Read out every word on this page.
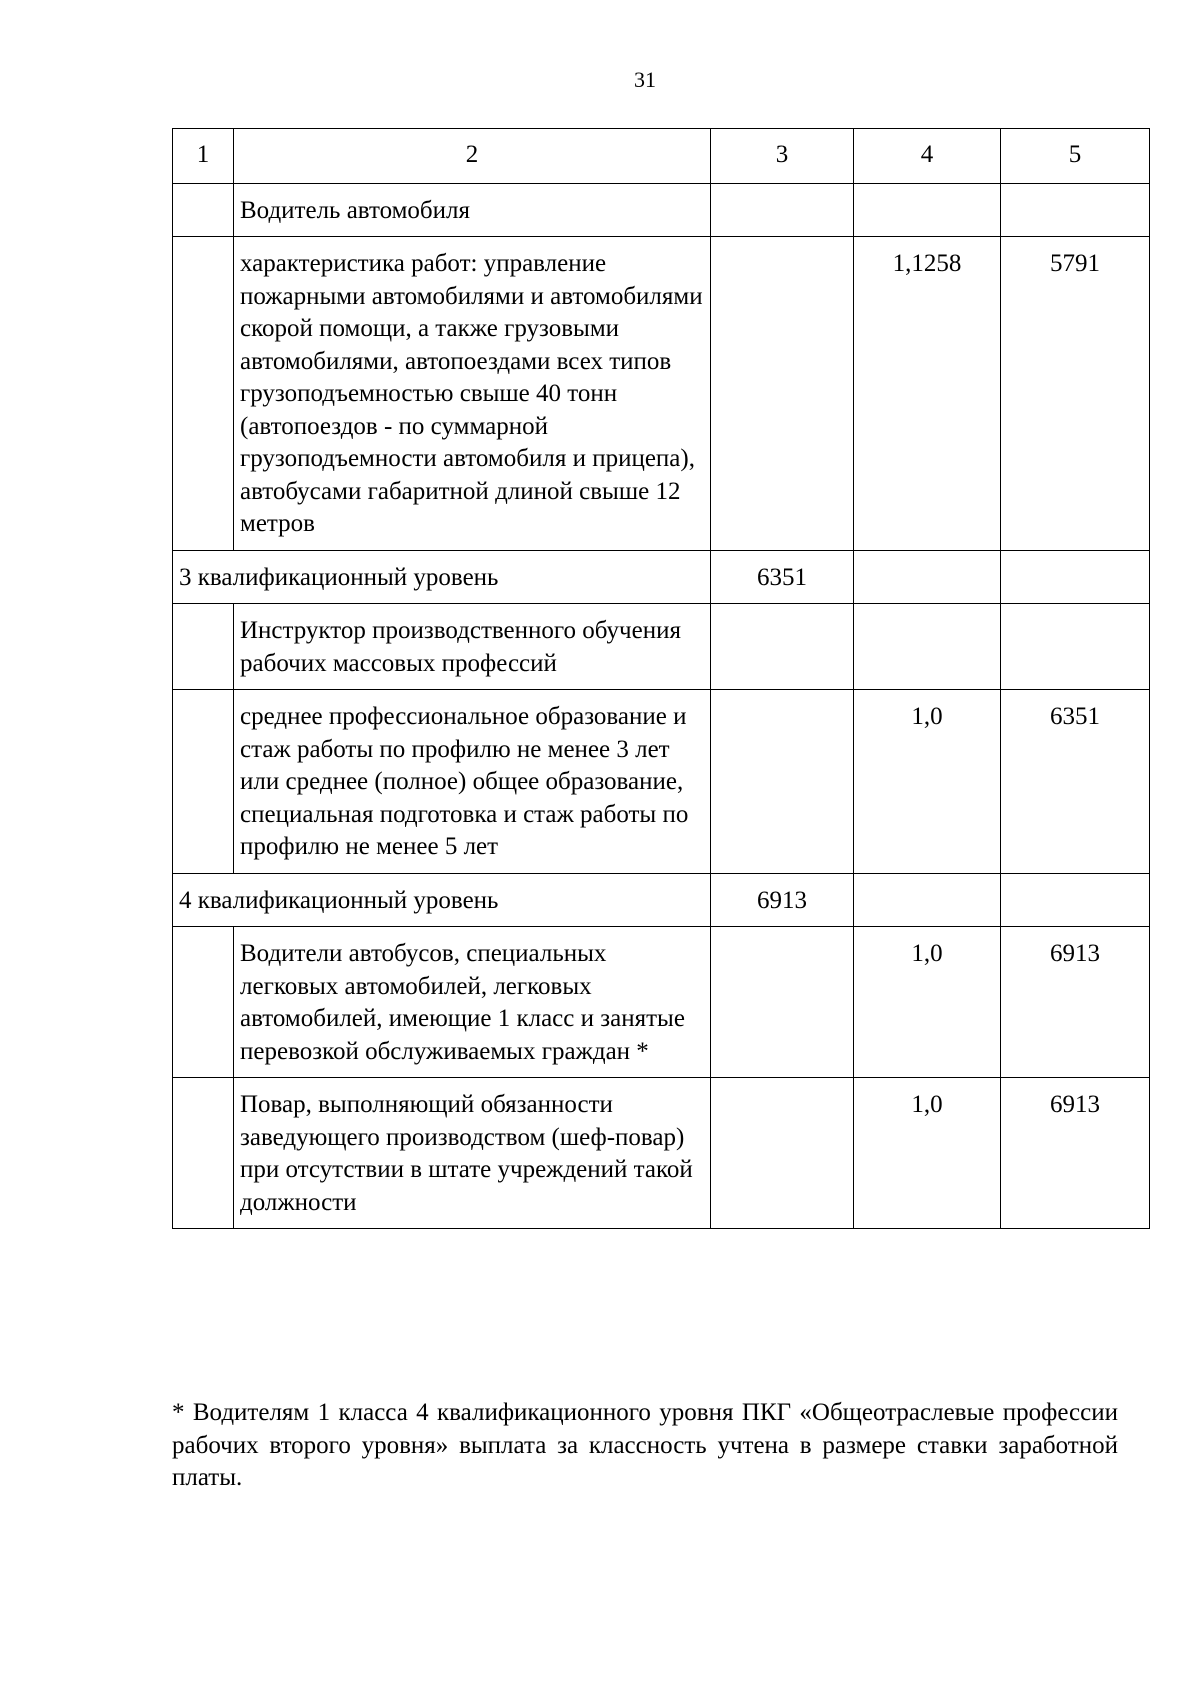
31
1	2	3	4	5
	Водитель автомобиля			
	характеристика работ: управление пожарными автомобилями и автомобилями скорой помощи, а также грузовыми автомобилями, автопоездами всех типов грузоподъемностью свыше 40 тонн (автопоездов - по суммарной грузоподъемности автомобиля и прицепа), автобусами габаритной длиной свыше 12 метров		1,1258	5791
3 квалификационный уровень		6351		
	Инструктор производственного обучения рабочих массовых профессий			
	среднее профессиональное образование и стаж работы по профилю не менее 3 лет или среднее (полное) общее образование, специальная подготовка и стаж работы по профилю не менее 5 лет		1,0	6351
4 квалификационный уровень		6913		
	Водители автобусов, специальных легковых автомобилей, легковых автомобилей, имеющие 1 класс и занятые перевозкой обслуживаемых граждан *		1,0	6913
	Повар, выполняющий обязанности заведующего производством (шеф-повар) при отсутствии в штате учреждений такой должности		1,0	6913
* Водителям 1 класса 4 квалификационного уровня ПКГ «Общеотраслевые профессии рабочих второго уровня» выплата за классность учтена в размере ставки заработной платы.
